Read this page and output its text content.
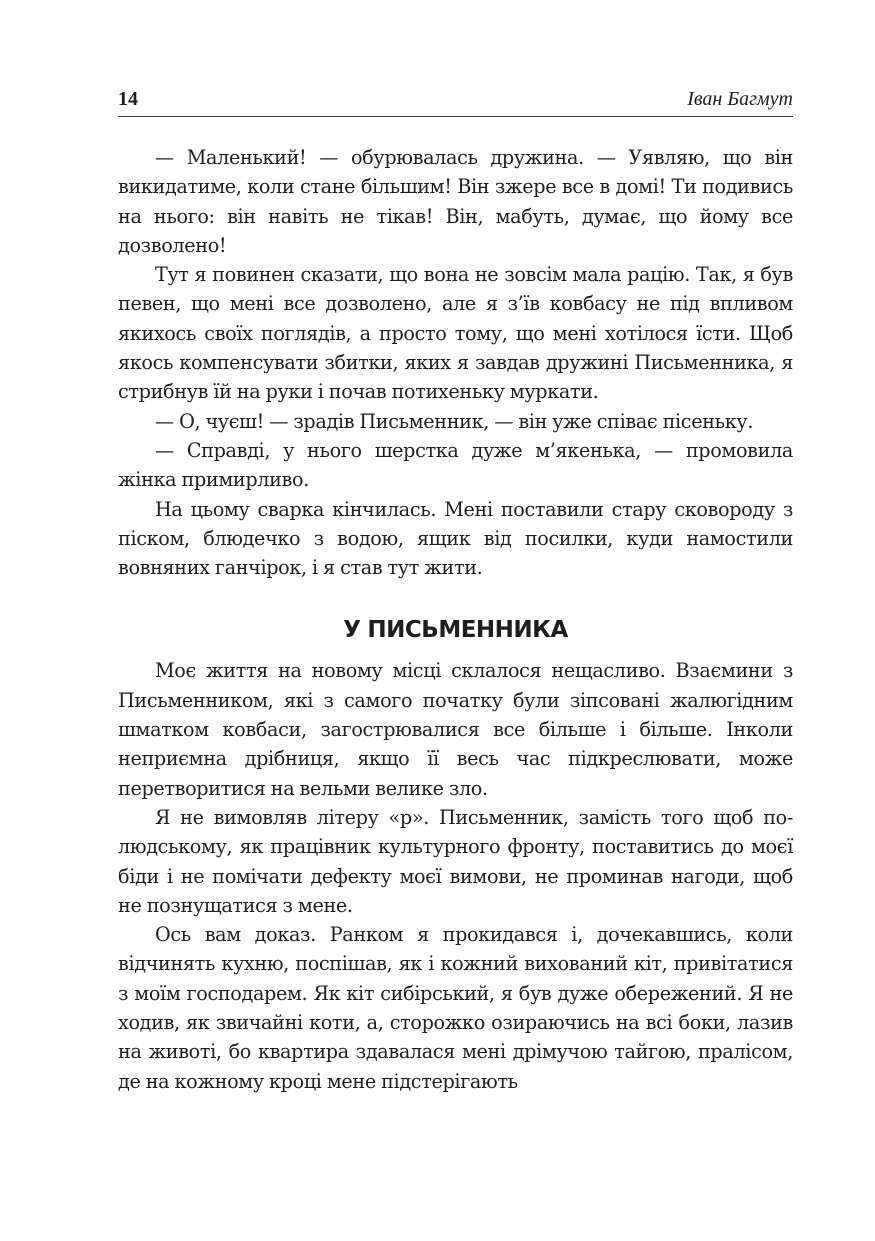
14	Іван Багмут

— Маленький! — обурювалась дружина. — Уявляю, що він викидатиме, коли стане більшим! Він зжере все в домі! Ти подивись на нього: він навіть не тікав! Він, мабуть, думає, що йому все дозволено!

Тут я повинен сказати, що вона не зовсім мала рацію. Так, я був певен, що мені все дозволено, але я з’їв ковбасу не під впливом якихось своїх поглядів, а просто тому, що мені хотілося їсти. Щоб якось компенсувати збитки, яких я завдав дружині Письменника, я стрибнув їй на руки і почав потихеньку муркати.

— О, чуєш! — зрадів Письменник, — він уже співає пісеньку.

— Справді, у нього шерстка дуже м’якенька, — промовила жінка примирливо.

На цьому сварка кінчилась. Мені поставили стару сковороду з піском, блюдечко з водою, ящик від посилки, куди намостили вовняних ганчірок, і я став тут жити.

У ПИСЬМЕННИКА

Моє життя на новому місці склалося нещасливо. Взаємини з Письменником, які з самого початку були зіпсовані жалюгідним шматком ковбаси, загострювалися все більше і більше. Інколи неприємна дрібниця, якщо її весь час підкреслювати, може перетворитися на вельми велике зло.

Я не вимовляв літеру «р». Письменник, замість того щоб по-людському, як працівник культурного фронту, поставитись до моєї біди і не помічати дефекту моєї вимови, не проминав нагоди, щоб не познущатися з мене.

Ось вам доказ. Ранком я прокидався і, дочекавшись, коли відчинять кухню, поспішав, як і кожний вихований кіт, привітатися з моїм господарем. Як кіт сибірський, я був дуже обережений. Я не ходив, як звичайні коти, а, сторожко озираючись на всі боки, лазив на животі, бо квартира здавалася мені дрімучою тайгою, пралісом, де на кожному кроці мене підстерігають
